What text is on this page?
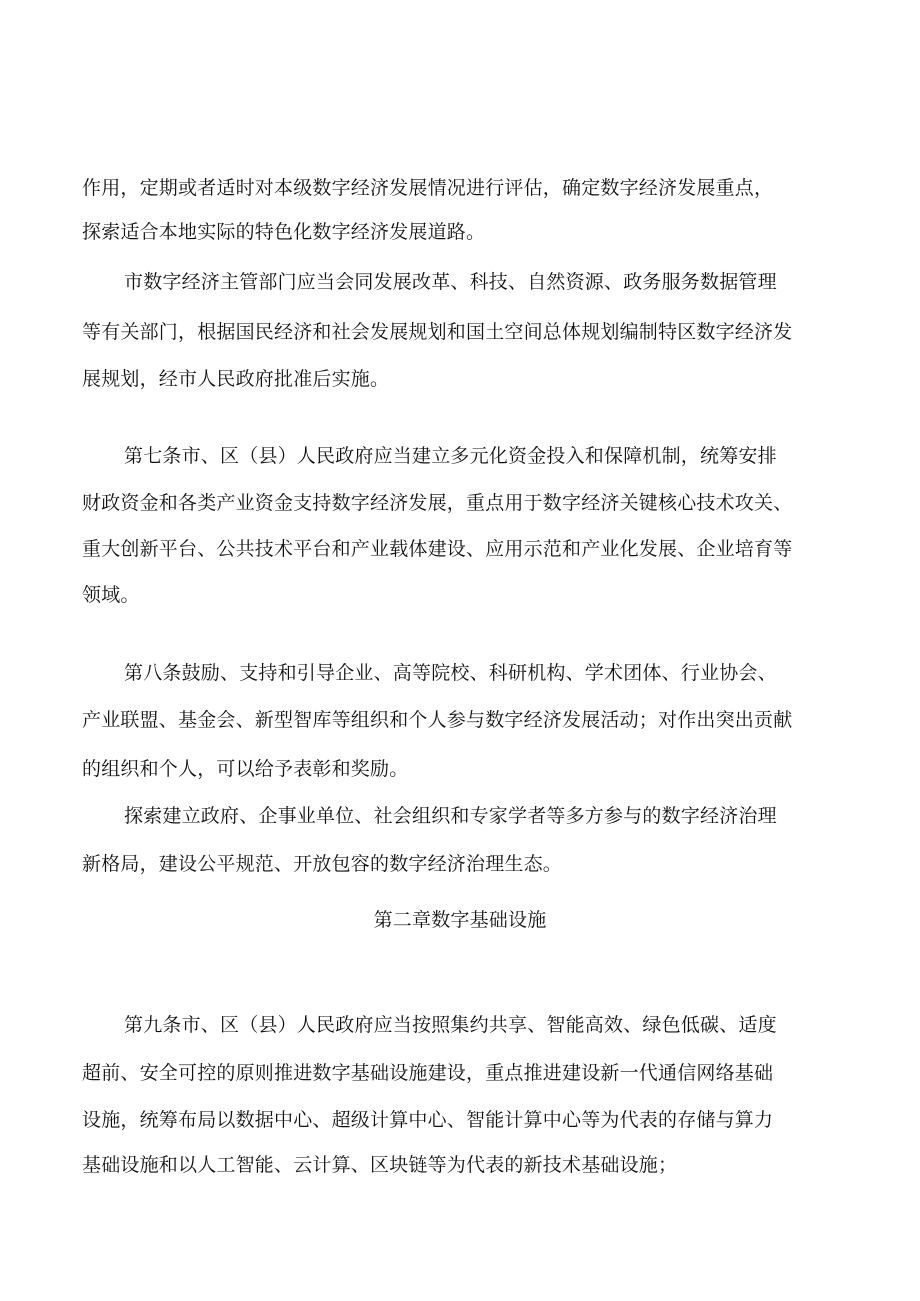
作用，定期或者适时对本级数字经济发展情况进行评估，确定数字经济发展重点，
探索适合本地实际的特色化数字经济发展道路。
市数字经济主管部门应当会同发展改革、科技、自然资源、政务服务数据管理
等有关部门，根据国民经济和社会发展规划和国土空间总体规划编制特区数字经济发
展规划，经市人民政府批准后实施。
第七条市、区（县）人民政府应当建立多元化资金投入和保障机制，统筹安排
财政资金和各类产业资金支持数字经济发展，重点用于数字经济关键核心技术攻关、
重大创新平台、公共技术平台和产业载体建设、应用示范和产业化发展、企业培育等
领域。
第八条鼓励、支持和引导企业、高等院校、科研机构、学术团体、行业协会、
产业联盟、基金会、新型智库等组织和个人参与数字经济发展活动；对作出突出贡献
的组织和个人，可以给予表彰和奖励。
探索建立政府、企事业单位、社会组织和专家学者等多方参与的数字经济治理
新格局，建设公平规范、开放包容的数字经济治理生态。
第二章数字基础设施
第九条市、区（县）人民政府应当按照集约共享、智能高效、绿色低碳、适度
超前、安全可控的原则推进数字基础设施建设，重点推进建设新一代通信网络基础
设施，统筹布局以数据中心、超级计算中心、智能计算中心等为代表的存储与算力
基础设施和以人工智能、云计算、区块链等为代表的新技术基础设施；
